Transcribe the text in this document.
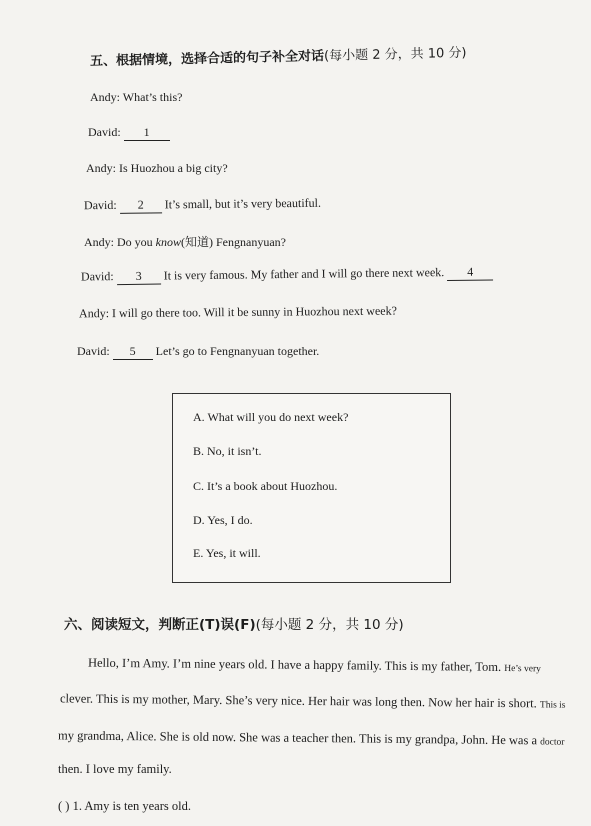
五、根据情境，选择合适的句子补全对话(每小题 2 分，共 10 分)
Andy: What’s this?
David: 1
Andy: Is Huozhou a big city?
David: 2 It’s small, but it’s very beautiful.
Andy: Do you know(知道) Fengnanyuan?
David: 3 It is very famous. My father and I will go there next week. 4
Andy: I will go there too. Will it be sunny in Huozhou next week?
David: 5 Let’s go to Fengnanyuan together.
A. What will you do next week?
B. No, it isn’t.
C. It’s a book about Huozhou.
D. Yes, I do.
E. Yes, it will.
六、阅读短文，判断正(T)误(F)(每小题 2 分，共 10 分)
Hello, I’m Amy. I’m nine years old. I have a happy family. This is my father, Tom. He’s very
clever. This is my mother, Mary. She’s very nice. Her hair was long then. Now her hair is short. This is
my grandma, Alice. She is old now. She was a teacher then. This is my grandpa, John. He was a doctor
then. I love my family.
( ) 1. Amy is ten years old.
